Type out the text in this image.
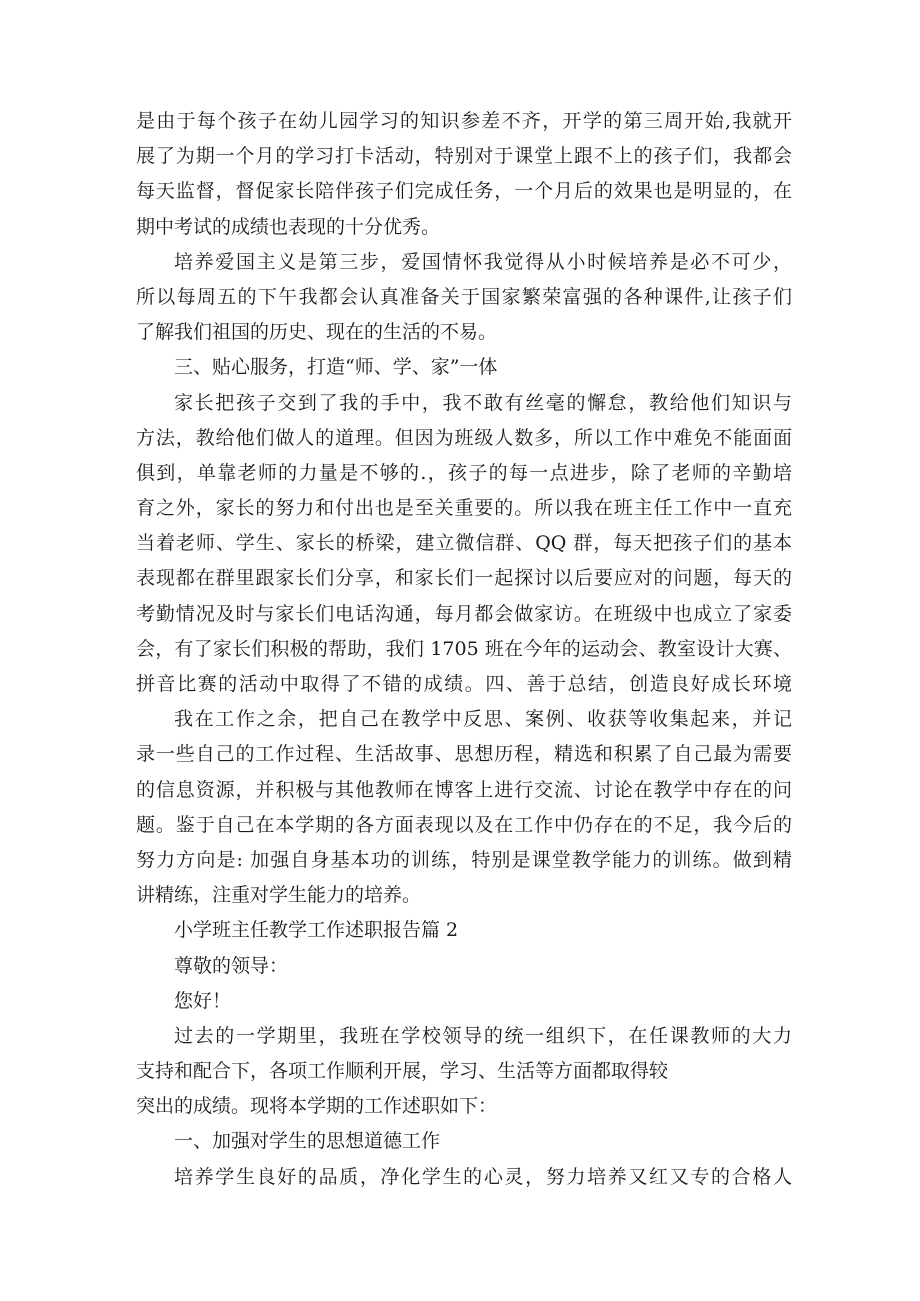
是由于每个孩子在幼儿园学习的知识参差不齐，开学的第三周开始,我就开
展了为期一个月的学习打卡活动，特别对于课堂上跟不上的孩子们，我都会
每天监督，督促家长陪伴孩子们完成任务，一个月后的效果也是明显的，在
期中考试的成绩也表现的十分优秀。
培养爱国主义是第三步，爱国情怀我觉得从小时候培养是必不可少，
所以每周五的下午我都会认真准备关于国家繁荣富强的各种课件,让孩子们
了解我们祖国的历史、现在的生活的不易。
三、贴心服务，打造“师、学、家”一体
家长把孩子交到了我的手中，我不敢有丝毫的懈怠，教给他们知识与
方法，教给他们做人的道理。但因为班级人数多，所以工作中难免不能面面
俱到，单靠老师的力量是不够的.，孩子的每一点进步，除了老师的辛勤培
育之外，家长的努力和付出也是至关重要的。所以我在班主任工作中一直充
当着老师、学生、家长的桥梁，建立微信群、QQ 群，每天把孩子们的基本
表现都在群里跟家长们分享，和家长们一起探讨以后要应对的问题，每天的
考勤情况及时与家长们电话沟通，每月都会做家访。在班级中也成立了家委
会，有了家长们积极的帮助，我们 1705 班在今年的运动会、教室设计大赛、
拼音比赛的活动中取得了不错的成绩。四、善于总结，创造良好成长环境
我在工作之余，把自己在教学中反思、案例、收获等收集起来，并记
录一些自己的工作过程、生活故事、思想历程，精选和积累了自己最为需要
的信息资源，并积极与其他教师在博客上进行交流、讨论在教学中存在的问
题。鉴于自己在本学期的各方面表现以及在工作中仍存在的不足，我今后的
努力方向是: 加强自身基本功的训练，特别是课堂教学能力的训练。做到精
讲精练，注重对学生能力的培养。
小学班主任教学工作述职报告篇 2
尊敬的领导：
您好！
过去的一学期里，我班在学校领导的统一组织下，在任课教师的大力
支持和配合下，各项工作顺利开展，学习、生活等方面都取得较
突出的成绩。现将本学期的工作述职如下：
一、加强对学生的思想道德工作
培养学生良好的品质，净化学生的心灵，努力培养又红又专的合格人
